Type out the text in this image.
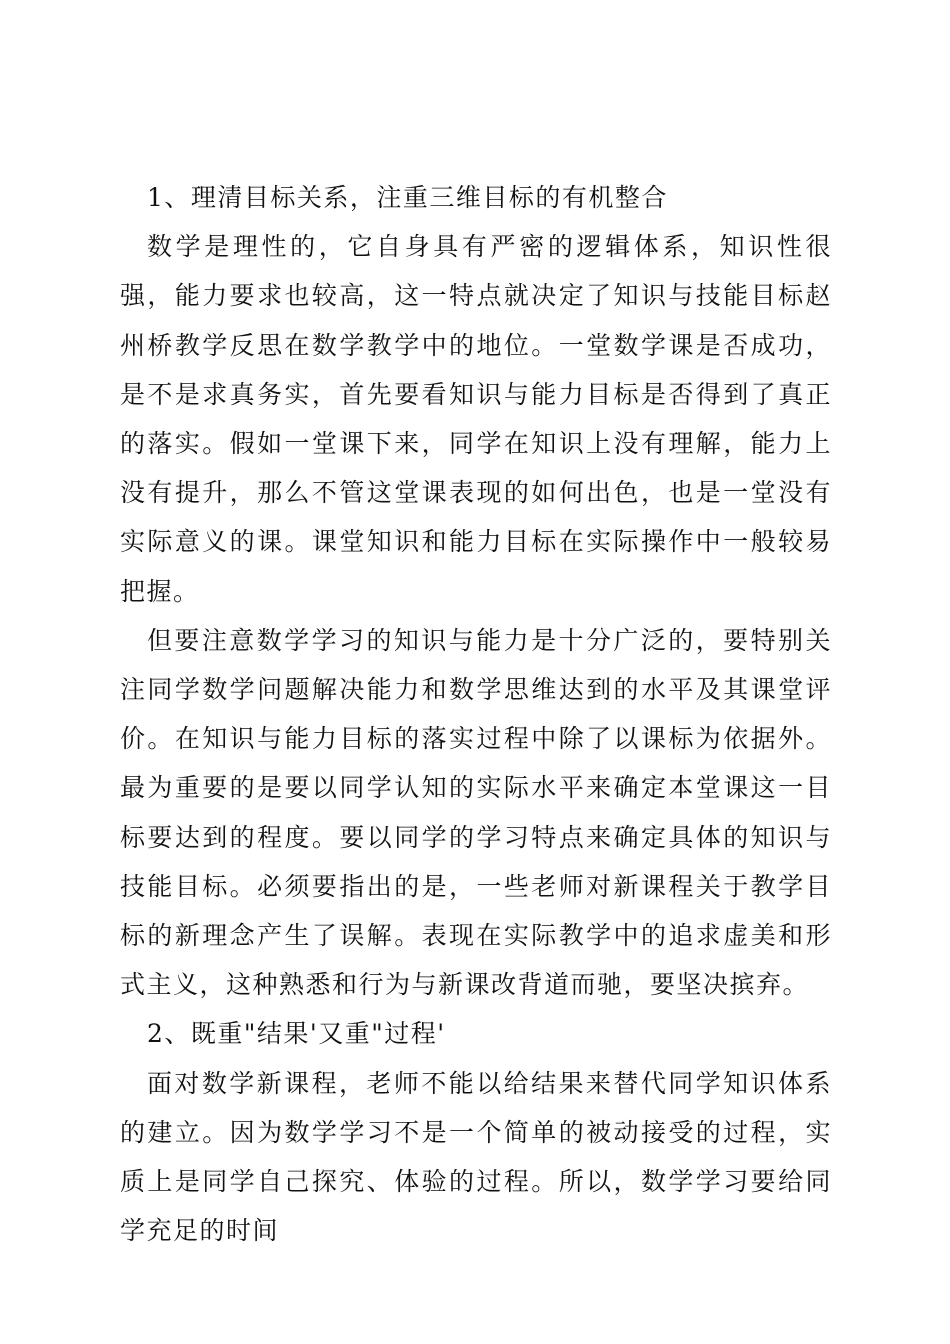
1、理清目标关系，注重三维目标的有机整合

数学是理性的，它自身具有严密的逻辑体系，知识性很强，能力要求也较高，这一特点就决定了知识与技能目标赵州桥教学反思在数学教学中的地位。一堂数学课是否成功，是不是求真务实，首先要看知识与能力目标是否得到了真正的落实。假如一堂课下来，同学在知识上没有理解，能力上没有提升，那么不管这堂课表现的如何出色，也是一堂没有实际意义的课。课堂知识和能力目标在实际操作中一般较易把握。

但要注意数学学习的知识与能力是十分广泛的，要特别关注同学数学问题解决能力和数学思维达到的水平及其课堂评价。在知识与能力目标的落实过程中除了以课标为依据外。最为重要的是要以同学认知的实际水平来确定本堂课这一目标要达到的程度。要以同学的学习特点来确定具体的知识与技能目标。必须要指出的是，一些老师对新课程关于教学目标的新理念产生了误解。表现在实际教学中的追求虚美和形式主义，这种熟悉和行为与新课改背道而驰，要坚决摈弃。

2、既重"结果'又重"过程'

面对数学新课程，老师不能以给结果来替代同学知识体系的建立。因为数学学习不是一个简单的被动接受的过程，实质上是同学自己探究、体验的过程。所以，数学学习要给同学充足的时间
